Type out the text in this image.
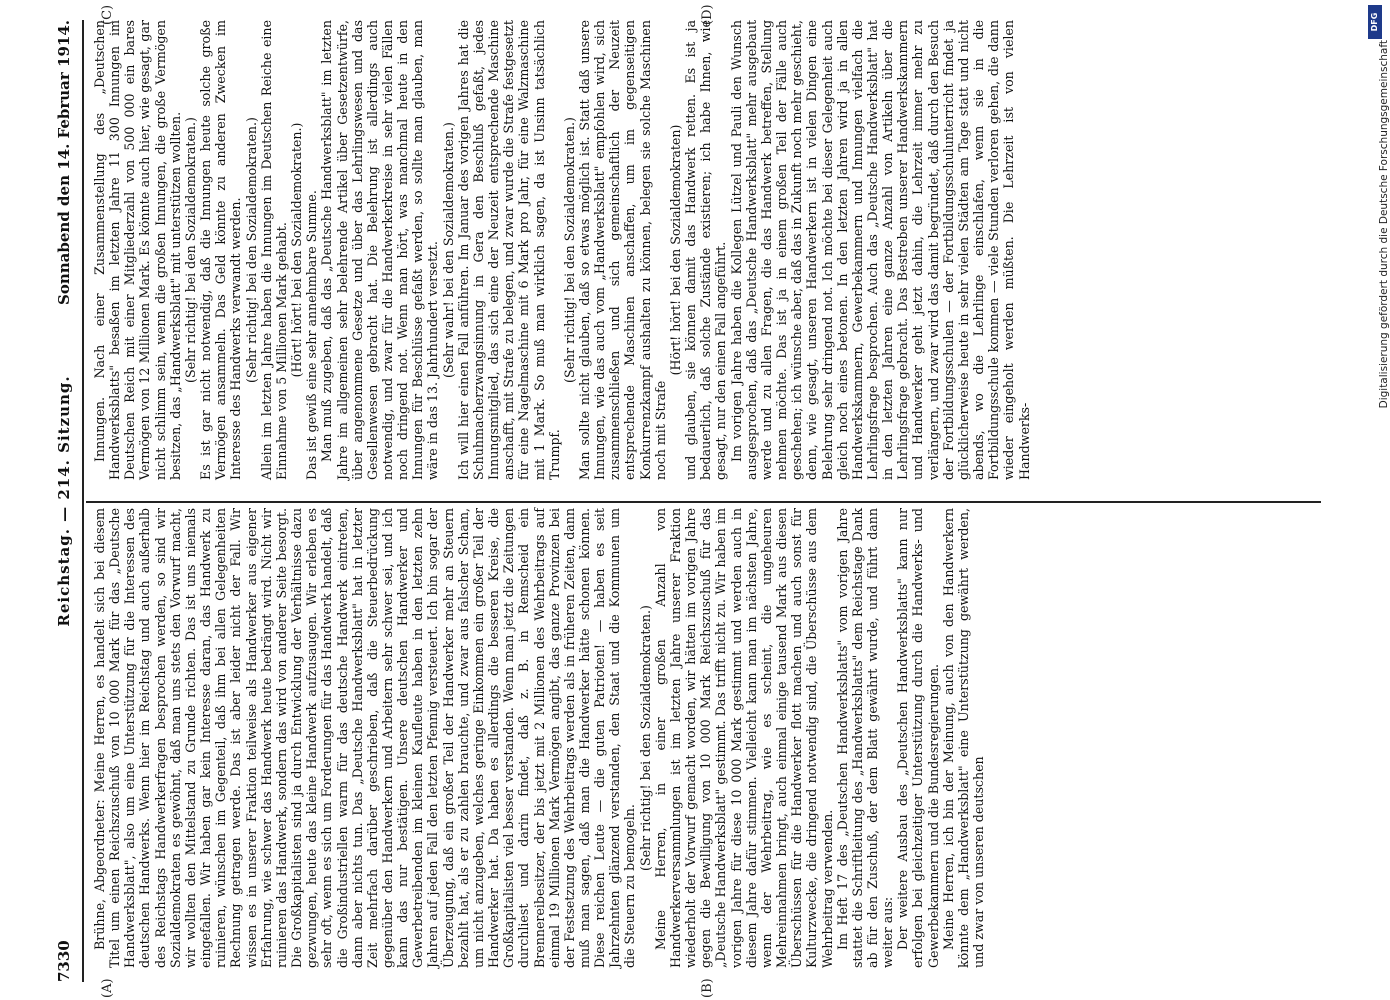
7330
Reichstag. — 214. Sitzung.
Sonnabend den 14. Februar 1914.
(A)	(B)
(C)	(D)

Brühne, Abgeordneter: Meine Herren, es handelt sich bei diesem Titel um einen Reichszuschuß von 10 000 Mark für das „Deutsche Handwerksblatt", also um eine Unterstützung für die Interessen des deutschen Handwerks. Wenn hier im Reichstag und auch außerhalb des Reichstags Handwerkerfragen besprochen werden, so sind wir Sozialdemokraten es gewöhnt, daß man uns stets den Vorwurf macht, wir wollten den Mittelstand zu Grunde richten. Das ist uns niemals eingefallen. Wir haben gar kein Interesse daran, das Handwerk zu ruinieren, wünschen im Gegenteil, daß ihm bei allen Gelegenheiten Rechnung getragen werde. Das ist aber leider nicht der Fall. Wir wissen es in unserer Fraktion teilweise als Handwerker aus eigener Erfahrung, wie schwer das Handwerk heute bedrängt wird. Nicht wir ruinieren das Handwerk, sondern das wird von anderer Seite besorgt. Die Großkapitalisten sind ja durch Entwicklung der Verhältnisse dazu gezwungen, heute das kleine Handwerk aufzusaugen. Wir erleben es sehr oft, wenn es sich um Forderungen für das Handwerk handelt, daß die Großindustriellen warm für das deutsche Handwerk eintreten, dann aber nichts tun. Das „Deutsche Handwerksblatt" hat in letzter Zeit mehrfach darüber geschrieben, daß die Steuerbedrückung gegenüber den Handwerkern und Arbeitern sehr schwer sei, und ich kann das nur bestätigen. Unsere deutschen Handwerker und Gewerbetreibenden im kleinen Kaufleute haben in den letzten zehn Jahren auf jeden Fall den letzten Pfennig versteuert. Ich bin sogar der Überzeugung, daß ein großer Teil der Handwerker mehr an Steuern bezahlt hat, als er zu zahlen brauchte, und zwar aus falscher Scham, um nicht anzugeben, welches geringe Einkommen ein großer Teil der Handwerker hat. Da haben es allerdings die besseren Kreise, die Großkapitalisten viel besser verstanden. Wenn man jetzt die Zeitungen durchliest und darin findet, daß z. B. in Remscheid ein Brennereibesitzer, der bis jetzt mit 2 Millionen des Wehrbeitrags auf einmal 19 Millionen Mark Vermögen angibt, das ganze Provinzen bei der Festsetzung des Wehrbeitrags werden als in früheren Zeiten, dann muß man sagen, daß man die Handwerker hätte schonen können. Diese reichen Leute — die guten Patrioten! — haben es seit Jahrzehnten glänzend verstanden, den Staat und die Kommunen um die Steuern zu bemogeln.

(Sehr richtig! bei den Sozialdemokraten.) Meine Herren, in einer großen Anzahl von Handwerkerversammlungen ist im letzten Jahre unserer Fraktion wiederholt der Vorwurf gemacht worden, wir hätten im vorigen Jahre gegen die Bewilligung von 10 000 Mark Reichszuschuß für das „Deutsche Handwerksblatt" gestimmt. Das trifft nicht zu. Wir haben im vorigen Jahre für diese 10 000 Mark gestimmt und werden auch in diesem Jahre dafür stimmen. Vielleicht kann man im nächsten Jahre, wenn der Wehrbeitrag, wie es scheint, die ungeheuren Mehreinnahmen bringt, auch einmal einige tausend Mark aus diesen Überschüssen für die Handwerker flott machen und auch sonst für Kulturzwecke, die dringend notwendig sind, die Überschüsse aus dem Wehrbeitrag verwenden. Im Heft 17 des „Deutschen Handwerksblatts" vom vorigen Jahre stattet die Schriftleitung des „Handwerksblatts" dem Reichstage Dank ab für den Zuschuß, der dem Blatt gewährt wurde, und führt dann weiter aus: Der weitere Ausbau des „Deutschen Handwerksblatts" kann nur erfolgen bei gleichzeitiger Unterstützung durch die Handwerks- und Gewerbekammern und die Bundesregierungen. Meine Herren, ich bin der Meinung, auch von den Handwerkern könnte dem „Handwerksblatt" eine Unterstützung gewährt werden, und zwar von unseren deutschen

Innungen. Nach einer Zusammenstellung des „Deutschen Handwerksblatts" besaßen im letzten Jahre 11 300 Innungen im Deutschen Reich mit einer Mitgliederzahl von 500 000 ein bares Vermögen von 12 Millionen Mark. Es könnte auch hier, wie gesagt, gar nicht schlimm sein, wenn die großen Innungen, die große Vermögen besitzen, das „Handwerksblatt" mit unterstützen wollten. (Sehr richtig! bei den Sozialdemokraten.) Es ist gar nicht notwendig, daß die Innungen heute solche große Vermögen ansammeln. Das Geld könnte zu anderen Zwecken im Interesse des Handwerks verwandt werden. (Sehr richtig! bei den Sozialdemokraten.) Allein im letzten Jahre haben die Innungen im Deutschen Reiche eine Einnahme von 5 Millionen Mark gehabt. (Hört! hört! bei den Sozialdemokraten.) Das ist gewiß eine sehr annehmbare Summe. Man muß zugeben, daß das „Deutsche Handwerksblatt" im letzten Jahre im allgemeinen sehr belehrende Artikel über Gesetzentwürfe, über angenommene Gesetze und über das Lehrlingswesen und das Gesellenwesen gebracht hat. Die Belehrung ist allerdings auch notwendig, und zwar für die Handwerkerkreise in sehr vielen Fällen noch dringend not. Wenn man hört, was manchmal heute in den Innungen für Beschlüsse gefaßt werden, so sollte man glauben, man wäre in das 13. Jahrhundert versetzt. (Sehr wahr! bei den Sozialdemokraten.) Ich will hier einen Fall anführen. Im Januar des vorigen Jahres hat die Schuhmacherzwangsinnung in Gera den Beschluß gefaßt, jedes Innungsmitglied, das sich eine der Neuzeit entsprechende Maschine anschafft, mit Strafe zu belegen, und zwar wurde die Strafe festgesetzt für eine Nagelmaschine mit 6 Mark pro Jahr, für eine Walzmaschine mit 1 Mark. So muß man wirklich sagen, da ist Unsinn tatsächlich Trumpf.

(Sehr richtig! bei den Sozialdemokraten.) Man sollte nicht glauben, daß so etwas möglich ist. Statt daß unsere Innungen, wie das auch vom „Handwerksblatt" empfohlen wird, sich zusammenschließen und sich gemeinschaftlich der Neuzeit entsprechende Maschinen anschaffen, um im gegenseitigen Konkurrenzkampf aushalten zu können, belegen sie solche Maschinen noch mit Strafe

(Hört! hört! bei den Sozialdemokraten) und glauben, sie können damit das Handwerk retten. Es ist ja bedauerlich, daß solche Zustände existieren; ich habe Ihnen, wie gesagt, nur den einen Fall angeführt. Im vorigen Jahre haben die Kollegen Lützel und Pauli den Wunsch ausgesprochen, daß das „Deutsche Handwerksblatt" mehr ausgebaut werde und zu allen Fragen, die das Handwerk betreffen, Stellung nehmen möchte. Das ist ja in einem großen Teil der Fälle auch geschehen; ich wünsche aber, daß das in Zukunft noch mehr geschieht, denn, wie gesagt, unseren Handwerkern ist in vielen Dingen eine Belehrung sehr dringend not. Ich möchte bei dieser Gelegenheit auch gleich noch eines betonen. In den letzten Jahren wird ja in allen Handwerkskammern, Gewerbekammern und Innungen vielfach die Lehrlingsfrage besprochen. Auch das „Deutsche Handwerksblatt" hat in den letzten Jahren eine ganze Anzahl von Artikeln über die Lehrlingsfrage gebracht. Das Bestreben unserer Handwerkskammern und Handwerker geht jetzt dahin, die Lehrzeit immer mehr zu verlängern, und zwar wird das damit begründet, daß durch den Besuch der Fortbildungsschulen — der Fortbildungsschulunterricht findet ja glücklicherweise heute in sehr vielen Städten am Tage statt und nicht abends, wo die Lehrlinge einschlafen, wenn sie in die Fortbildungsschule kommen — viele Stunden verloren gehen, die dann wieder eingeholt werden müßten. Die Lehrzeit ist von vielen Handwerks-

DFG
Digitalisierung gefördert durch die Deutsche Forschungsgemeinschaft
